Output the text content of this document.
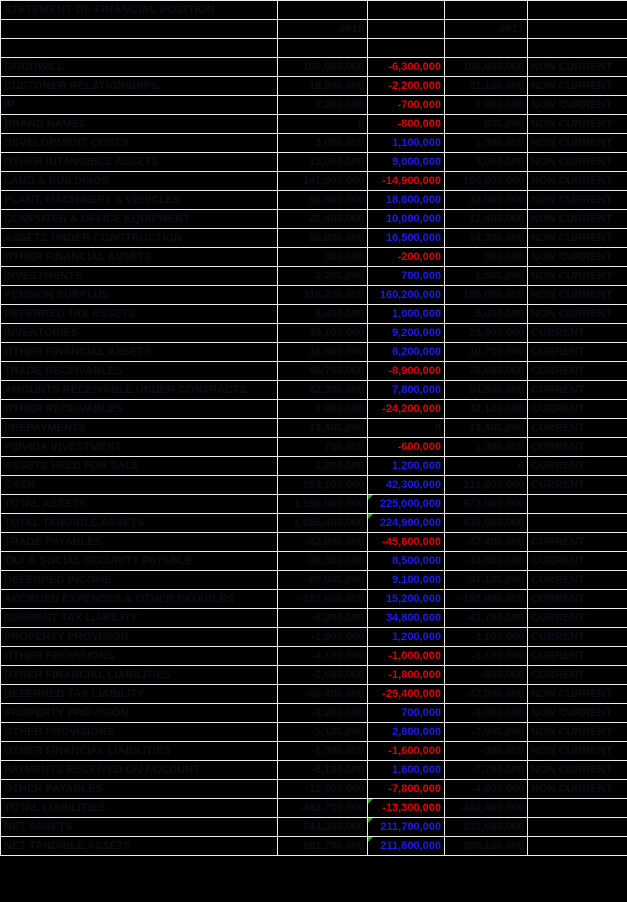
STATEMENT OF FINANCIAL POSITION				
	2018		2017	

GOODWILL	100,500,000	-6,300,000	106,800,000	NON CURRENT
CUSTOMER RELATIONSHIPS	18,900,000	-2,200,000	21,100,000	NON CURRENT
IP	7,200,000	-700,000	7,900,000	NON CURRENT
BRAND NAMES	0	-800,000	800,000	NON CURRENT
DEVELOPMENT COSTS	3,000,000	1,100,000	1,900,000	NON CURRENT
OTHER INTANGIBLE ASSETS	12,000,000	9,000,000	3,000,000	NON CURRENT
LAND & BUILDINGS	141,900,000	-14,900,000	156,800,000	NON CURRENT
PLANT, MACHINERY & VEHICLES	56,600,000	18,600,000	38,000,000	NON CURRENT
COMPUTER & OFFICE EQUIPMENT	22,400,000	10,000,000	12,400,000	NON CURRENT
ASSETS UNDER CONSTRUCTION	50,800,000	16,500,000	34,300,000	NON CURRENT
OTHER FINANCIAL ASSETS	300,000	-200,000	500,000	NON CURRENT
INVESTMENTS	2,200,000	700,000	1,500,000	NON CURRENT
PENSION SURPLUS	316,200,000	160,200,000	156,000,000	NON CURRENT
DEFERRED TAX ASSETS	6,400,000	1,000,000	5,400,000	NON CURRENT
INVENTORIES	38,100,000	9,200,000	28,900,000	CURRENT
OTHER FINANCIAL ASSETS	16,900,000	6,200,000	10,700,000	CURRENT
TRADE RECEIVABLES	66,700,000	-8,900,000	75,600,000	CURRENT
AMOUNTS RECEIVABLE UNDER CONTRACTS	62,300,000	7,800,000	54,500,000	CURRENT
OTHER RECEIVABLES	7,900,000	-24,200,000	32,100,000	CURRENT
PREPAYMENTS	13,400,000	0	13,400,000	CURRENT
PSIVIDA INVESTMENT	700,000	-600,000	1,300,000	CURRENT
ASSETS HELD FOR SALE	1,200,000	1,200,000	0	CURRENT
CASH	254,100,000	42,300,000	211,800,000	CURRENT
TOTAL ASSETS	1,198,000,000	225,000,000	973,000,000	
TOTAL TANGIBLE ASSETS	1,055,400,000	224,900,000	830,500,000	
TRADE PAYABLES	-83,000,000	-45,600,000	-37,400,000	CURRENT
TAX & SOCIAL SECURITY PAYABLE	-26,300,000	8,500,000	-34,800,000	CURRENT
DEFERRED INCOME	-88,000,000	9,100,000	-97,100,000	CURRENT
ACCRUED EXPENSES & OTHER PAYABLES	-137,600,000	15,200,000	-152,800,000	CURRENT
CURRENT TAX LIABILITY	-8,900,000	34,800,000	-43,700,000	CURRENT
PROPERTY PROVISION	-1,900,000	1,200,000	-3,100,000	CURRENT
OTHER PROVISIONS	-4,100,000	-1,000,000	-3,100,000	CURRENT
OTHER FINANCIAL LIABILITIES	-2,600,000	-1,800,000	-800,000	CURRENT
DEFERRED TAX LIABILITY	-66,400,000	-29,400,000	-37,000,000	NON CURRENT
PROPERTY PROVISION	-9,200,000	700,000	-9,900,000	NON CURRENT
OTHER PROVISIONS	-5,100,000	2,800,000	-7,900,000	NON CURRENT
OTHER FINANCIAL LIABILITIES	-1,900,000	-1,600,000	-300,000	NON CURRENT
PAYMENTS RECEIVED ON ACCOUNT	-6,100,000	1,600,000	-7,700,000	NON CURRENT
OTHER PAYABLES	-12,600,000	-7,800,000	-4,800,000	NON CURRENT
TOTAL LIABILITIES	-453,700,000	-13,300,000	-440,400,000	
NET ASSETS	744,300,000	211,700,000	532,600,000	
NET TANGIBLE ASSETS	601,700,000	211,600,000	390,100,000	
